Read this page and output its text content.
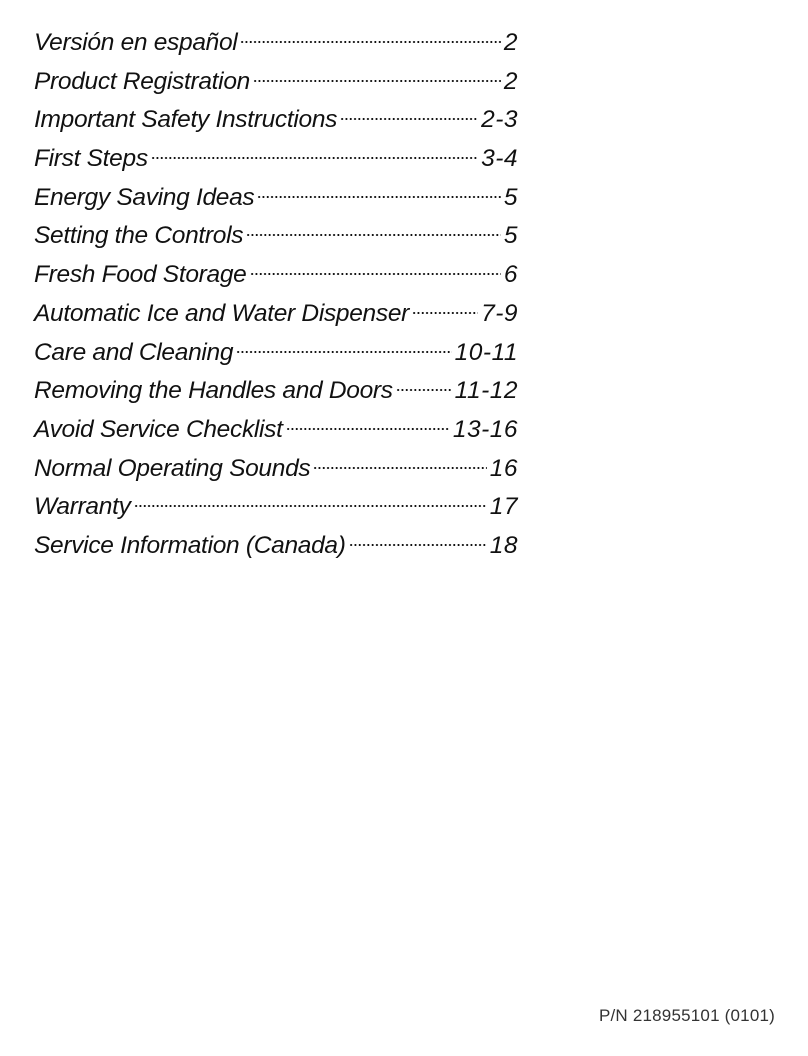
Versión en español	2
Product Registration	2
Important Safety Instructions	2-3
First Steps	3-4
Energy Saving Ideas	5
Setting the Controls	5
Fresh Food Storage	6
Automatic Ice and Water Dispenser	7-9
Care and Cleaning	10-11
Removing the Handles and Doors	11-12
Avoid Service Checklist	13-16
Normal Operating Sounds	16
Warranty	17
Service Information (Canada)	18
P/N 218955101 (0101)
